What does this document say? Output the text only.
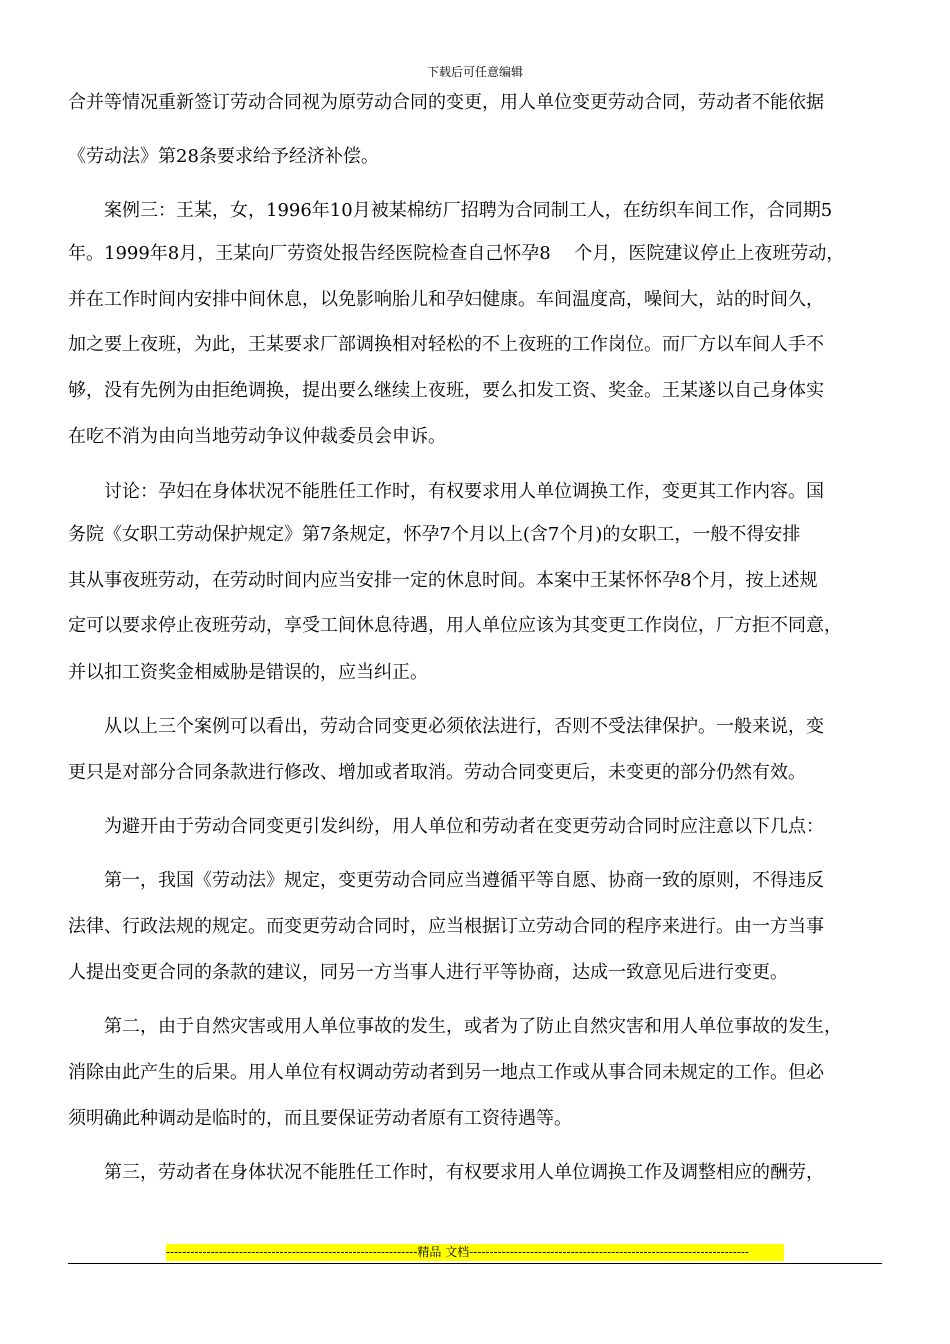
下载后可任意编辑
合并等情况重新签订劳动合同视为原劳动合同的变更，用人单位变更劳动合同，劳动者不能依据
《劳动法》第28条要求给予经济补偿。
　　案例三：王某，女，1996年10月被某棉纺厂招聘为合同制工人，在纺织车间工作，合同期5
年。1999年8月，王某向厂劳资处报告经医院检查自己怀孕8　 个月，医院建议停止上夜班劳动，
并在工作时间内安排中间休息，以免影响胎儿和孕妇健康。车间温度高，噪间大，站的时间久，
加之要上夜班，为此，王某要求厂部调换相对轻松的不上夜班的工作岗位。而厂方以车间人手不
够，没有先例为由拒绝调换，提出要么继续上夜班，要么扣发工资、奖金。王某遂以自己身体实
在吃不消为由向当地劳动争议仲裁委员会申诉。
　　讨论：孕妇在身体状况不能胜任工作时，有权要求用人单位调换工作，变更其工作内容。国
务院《女职工劳动保护规定》第7条规定，怀孕7个月以上(含7个月)的女职工，一般不得安排
其从事夜班劳动，在劳动时间内应当安排一定的休息时间。本案中王某怀怀孕8个月，按上述规
定可以要求停止夜班劳动，享受工间休息待遇，用人单位应该为其变更工作岗位，厂方拒不同意，
并以扣工资奖金相威胁是错误的，应当纠正。
　　从以上三个案例可以看出，劳动合同变更必须依法进行，否则不受法律保护。一般来说，变
更只是对部分合同条款进行修改、增加或者取消。劳动合同变更后，未变更的部分仍然有效。
　　为避开由于劳动合同变更引发纠纷，用人单位和劳动者在变更劳动合同时应注意以下几点：
　　第一，我国《劳动法》规定，变更劳动合同应当遵循平等自愿、协商一致的原则，不得违反
法律、行政法规的规定。而变更劳动合同时，应当根据订立劳动合同的程序来进行。由一方当事
人提出变更合同的条款的建议，同另一方当事人进行平等协商，达成一致意见后进行变更。
　　第二，由于自然灾害或用人单位事故的发生，或者为了防止自然灾害和用人单位事故的发生，
消除由此产生的后果。用人单位有权调动劳动者到另一地点工作或从事合同未规定的工作。但必
须明确此种调动是临时的，而且要保证劳动者原有工资待遇等。
　　第三，劳动者在身体状况不能胜任工作时，有权要求用人单位调换工作及调整相应的酬劳，
--------------------------------------------------------------精品 文档---------------------------------------------------------------------
